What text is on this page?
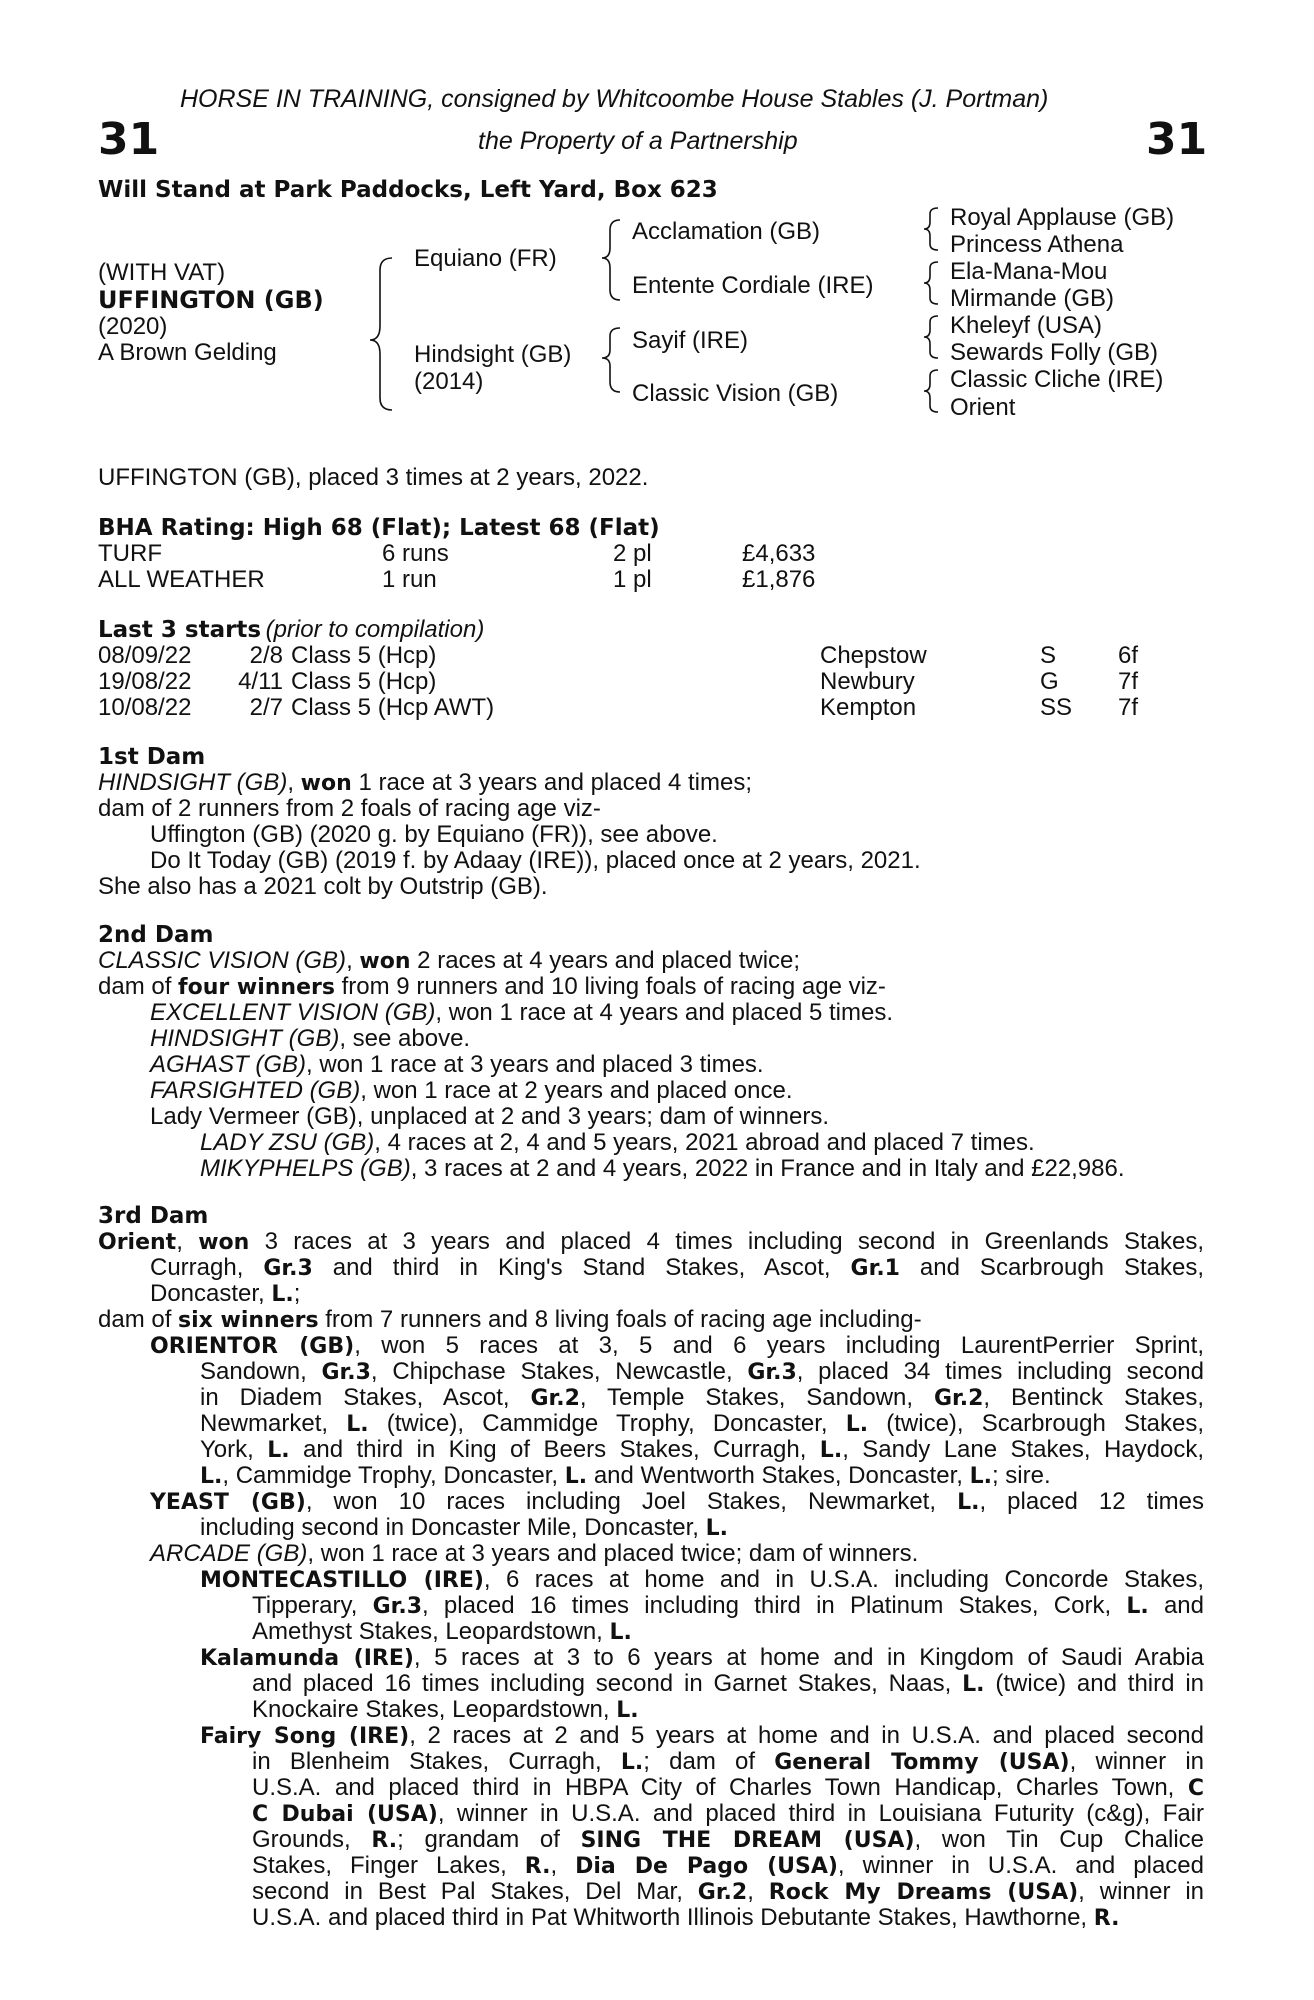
HORSE IN TRAINING, consigned by Whitcoombe House Stables (J. Portman)
31	the Property of a Partnership	31
Will Stand at Park Paddocks, Left Yard, Box 623
(WITH VAT)
UFFINGTON (GB)
(2020)
A Brown Gelding
Equiano (FR)
Hindsight (GB)
(2014)
Acclamation (GB)
Entente Cordiale (IRE)
Sayif (IRE)
Classic Vision (GB)
Royal Applause (GB)
Princess Athena
Ela-Mana-Mou
Mirmande (GB)
Kheleyf (USA)
Sewards Folly (GB)
Classic Cliche (IRE)
Orient
UFFINGTON (GB), placed 3 times at 2 years, 2022.
BHA Rating: High 68 (Flat); Latest 68 (Flat)
TURF	6 runs	2 pl	£4,633
ALL WEATHER	1 run	1 pl	£1,876
Last 3 starts (prior to compilation)
08/09/22	2/8 Class 5 (Hcp)	Chepstow	S	6f
19/08/22	4/11 Class 5 (Hcp)	Newbury	G 7f
10/08/22	2/7 Class 5 (Hcp AWT)	Kempton	SS 7f
1st Dam
HINDSIGHT (GB), won 1 race at 3 years and placed 4 times;
dam of 2 runners from 2 foals of racing age viz-
Uffington (GB) (2020 g. by Equiano (FR)), see above.
Do It Today (GB) (2019 f. by Adaay (IRE)), placed once at 2 years, 2021.
She also has a 2021 colt by Outstrip (GB).
2nd Dam
CLASSIC VISION (GB), won 2 races at 4 years and placed twice;
dam of four winners from 9 runners and 10 living foals of racing age viz-
EXCELLENT VISION (GB), won 1 race at 4 years and placed 5 times.
HINDSIGHT (GB), see above.
AGHAST (GB), won 1 race at 3 years and placed 3 times.
FARSIGHTED (GB), won 1 race at 2 years and placed once.
Lady Vermeer (GB), unplaced at 2 and 3 years; dam of winners.
LADY ZSU (GB), 4 races at 2, 4 and 5 years, 2021 abroad and placed 7 times.
MIKYPHELPS (GB), 3 races at 2 and 4 years, 2022 in France and in Italy and £22,986.
3rd Dam
Orient, won 3 races at 3 years and placed 4 times including second in Greenlands Stakes,
Curragh, Gr.3 and third in King's Stand Stakes, Ascot, Gr.1 and Scarbrough Stakes,
Doncaster, L.;
dam of six winners from 7 runners and 8 living foals of racing age including-
ORIENTOR (GB), won 5 races at 3, 5 and 6 years including LaurentPerrier Sprint,
Sandown, Gr.3, Chipchase Stakes, Newcastle, Gr.3, placed 34 times including second
in Diadem Stakes, Ascot, Gr.2, Temple Stakes, Sandown, Gr.2, Bentinck Stakes,
Newmarket, L. (twice), Cammidge Trophy, Doncaster, L. (twice), Scarbrough Stakes,
York, L. and third in King of Beers Stakes, Curragh, L., Sandy Lane Stakes, Haydock,
L., Cammidge Trophy, Doncaster, L. and Wentworth Stakes, Doncaster, L.; sire.
YEAST (GB), won 10 races including Joel Stakes, Newmarket, L., placed 12 times
including second in Doncaster Mile, Doncaster, L.
ARCADE (GB), won 1 race at 3 years and placed twice; dam of winners.
MONTECASTILLO (IRE), 6 races at home and in U.S.A. including Concorde Stakes,
Tipperary, Gr.3, placed 16 times including third in Platinum Stakes, Cork, L. and
Amethyst Stakes, Leopardstown, L.
Kalamunda (IRE), 5 races at 3 to 6 years at home and in Kingdom of Saudi Arabia
and placed 16 times including second in Garnet Stakes, Naas, L. (twice) and third in
Knockaire Stakes, Leopardstown, L.
Fairy Song (IRE), 2 races at 2 and 5 years at home and in U.S.A. and placed second
in Blenheim Stakes, Curragh, L.; dam of General Tommy (USA), winner in
U.S.A. and placed third in HBPA City of Charles Town Handicap, Charles Town, C
C Dubai (USA), winner in U.S.A. and placed third in Louisiana Futurity (c&g), Fair
Grounds, R.; grandam of SING THE DREAM (USA), won Tin Cup Chalice
Stakes, Finger Lakes, R., Dia De Pago (USA), winner in U.S.A. and placed
second in Best Pal Stakes, Del Mar, Gr.2, Rock My Dreams (USA), winner in
U.S.A. and placed third in Pat Whitworth Illinois Debutante Stakes, Hawthorne, R.
